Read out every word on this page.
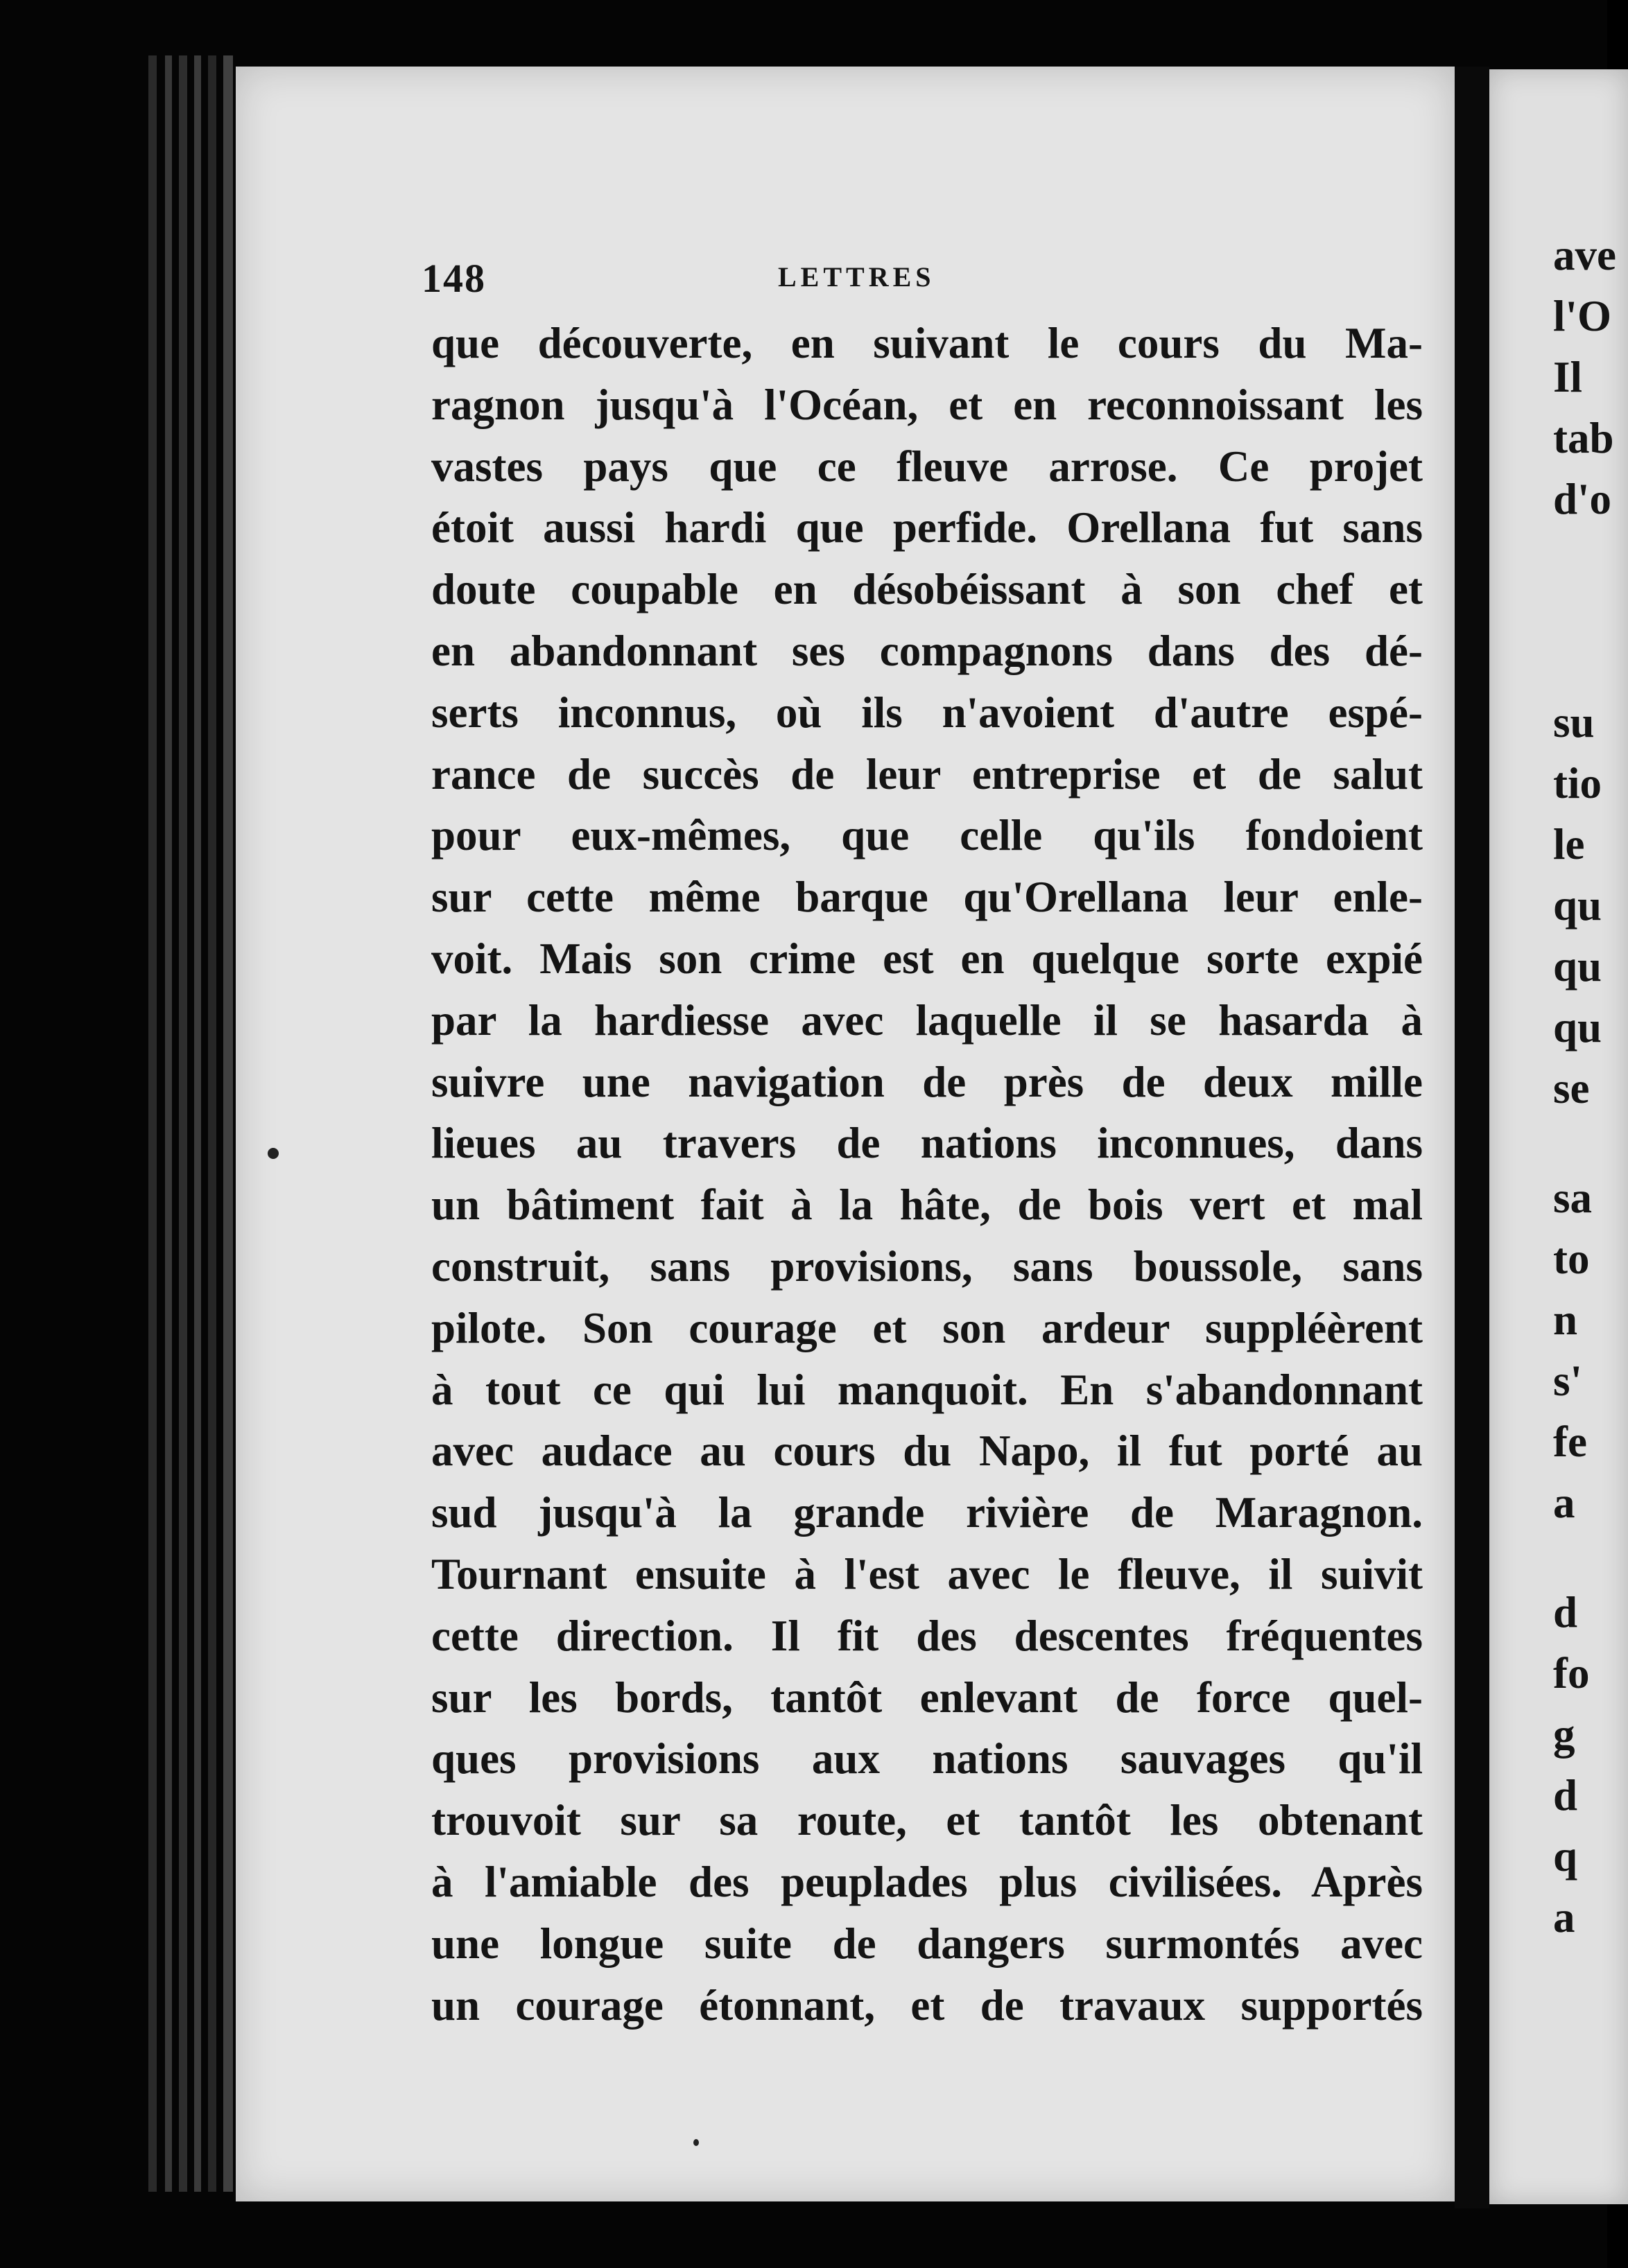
148	LETTRES
que découverte, en suivant le cours du Ma-
ragnon jusqu'à l'Océan, et en reconnoissant les
vastes pays que ce fleuve arrose. Ce projet
étoit aussi hardi que perfide. Orellana fut sans
doute coupable en désobéissant à son chef et
en abandonnant ses compagnons dans des dé-
serts inconnus, où ils n'avoient d'autre espé-
rance de succès de leur entreprise et de salut
pour eux-mêmes, que celle qu'ils fondoient
sur cette même barque qu'Orellana leur enle-
voit. Mais son crime est en quelque sorte expié
par la hardiesse avec laquelle il se hasarda à
suivre une navigation de près de deux mille
lieues au travers de nations inconnues, dans
un bâtiment fait à la hâte, de bois vert et mal
construit, sans provisions, sans boussole, sans
pilote. Son courage et son ardeur suppléèrent
à tout ce qui lui manquoit. En s'abandonnant
avec audace au cours du Napo, il fut porté au
sud jusqu'à la grande rivière de Maragnon.
Tournant ensuite à l'est avec le fleuve, il suivit
cette direction. Il fit des descentes fréquentes
sur les bords, tantôt enlevant de force quel-
ques provisions aux nations sauvages qu'il
trouvoit sur sa route, et tantôt les obtenant
à l'amiable des peuplades plus civilisées. Après
une longue suite de dangers surmontés avec
un courage étonnant, et de travaux supportés
ave
l'O
Il
tab
d'o
su
tio
le
qu
qu
qu
se
sa
to
n
s'
fe
a
d
fo
g
d
q
a
